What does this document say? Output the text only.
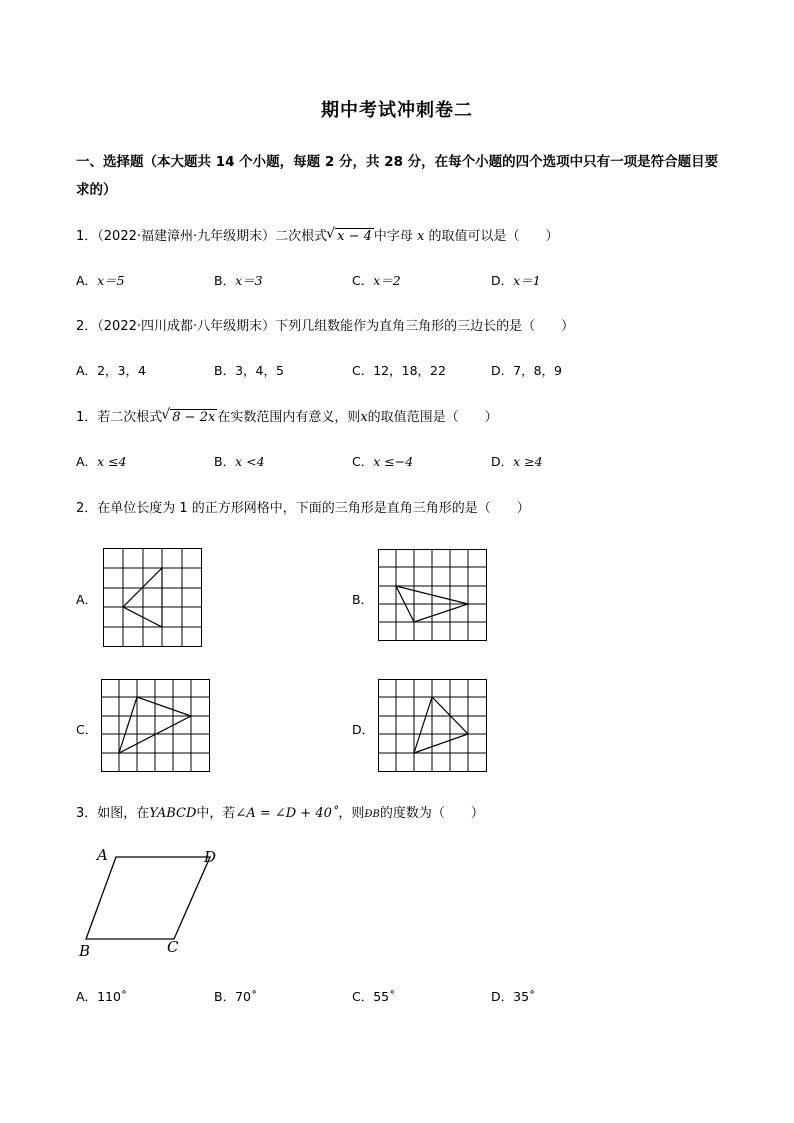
期中考试冲刺卷二
一、选择题（本大题共 14 个小题，每题 2 分，共 28 分，在每个小题的四个选项中只有一项是符合题目要求的）
1．（2022·福建漳州·九年级期末）二次根式 √ x − 4 中字母 x 的取值可以是（　　）
A．x＝5	B．x＝3	C．x＝2	D．x＝1
2．（2022·四川成都·八年级期末）下列几组数能作为直角三角形的三边长的是（　　）
A．2，3，4	B．3，4，5	C．12，18，22	D．7，8，9
1．若二次根式 √ 8 − 2x 在实数范围内有意义，则x的取值范围是（　　）
A．x ≤4	B．x <4	C．x ≤−4	D．x ≥4
2．在单位长度为 1 的正方形网格中，下面的三角形是直角三角形的是（　　）
A．	B．
C．	D．
3．如图，在YABCD中，若∠A = ∠D + 40˚，则ÐB的度数为（　　）
A	D
B	C
A．110˚	B．70˚	C．55˚	D．35˚
